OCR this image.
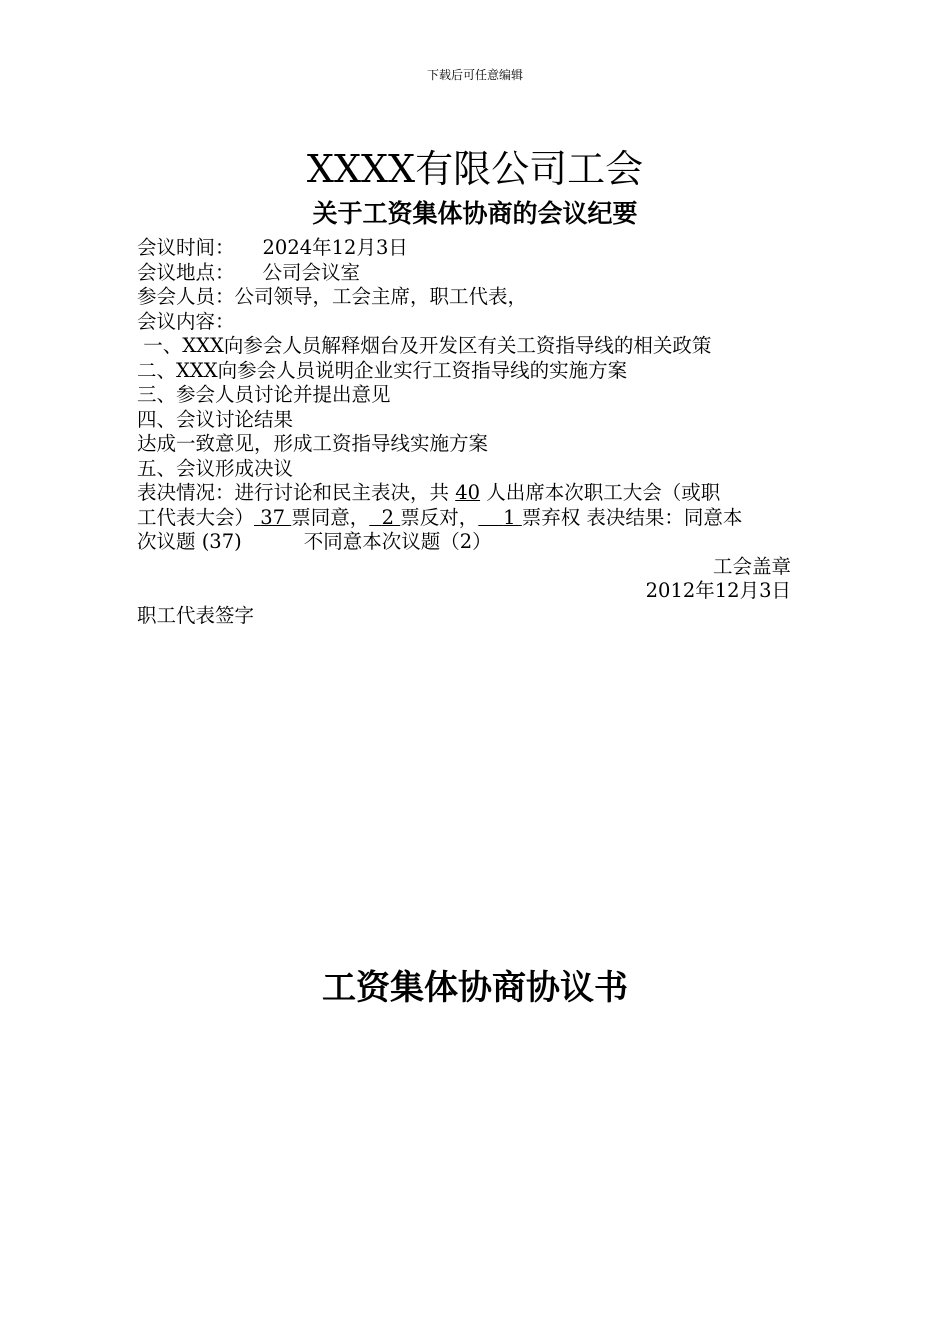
下载后可任意编辑
XXXX有限公司工会
关于工资集体协商的会议纪要
会议时间： 2024年12月3日
会议地点： 公司会议室
参会人员：公司领导，工会主席，职工代表，
会议内容：
一、XXX向参会人员解释烟台及开发区有关工资指导线的相关政策
二、XXX向参会人员说明企业实行工资指导线的实施方案
三、参会人员讨论并提出意见
四、会议讨论结果
达成一致意见，形成工资指导线实施方案
五、会议形成决议
表决情况：进行讨论和民主表决，共 40 人出席本次职工大会（或职
工代表大会） 37 票同意， 2 票反对， 1 票弃权 表决结果：同意本
次议题 (37)	不同意本次议题（2）
工会盖章
2012年12月3日
职工代表签字
工资集体协商协议书
